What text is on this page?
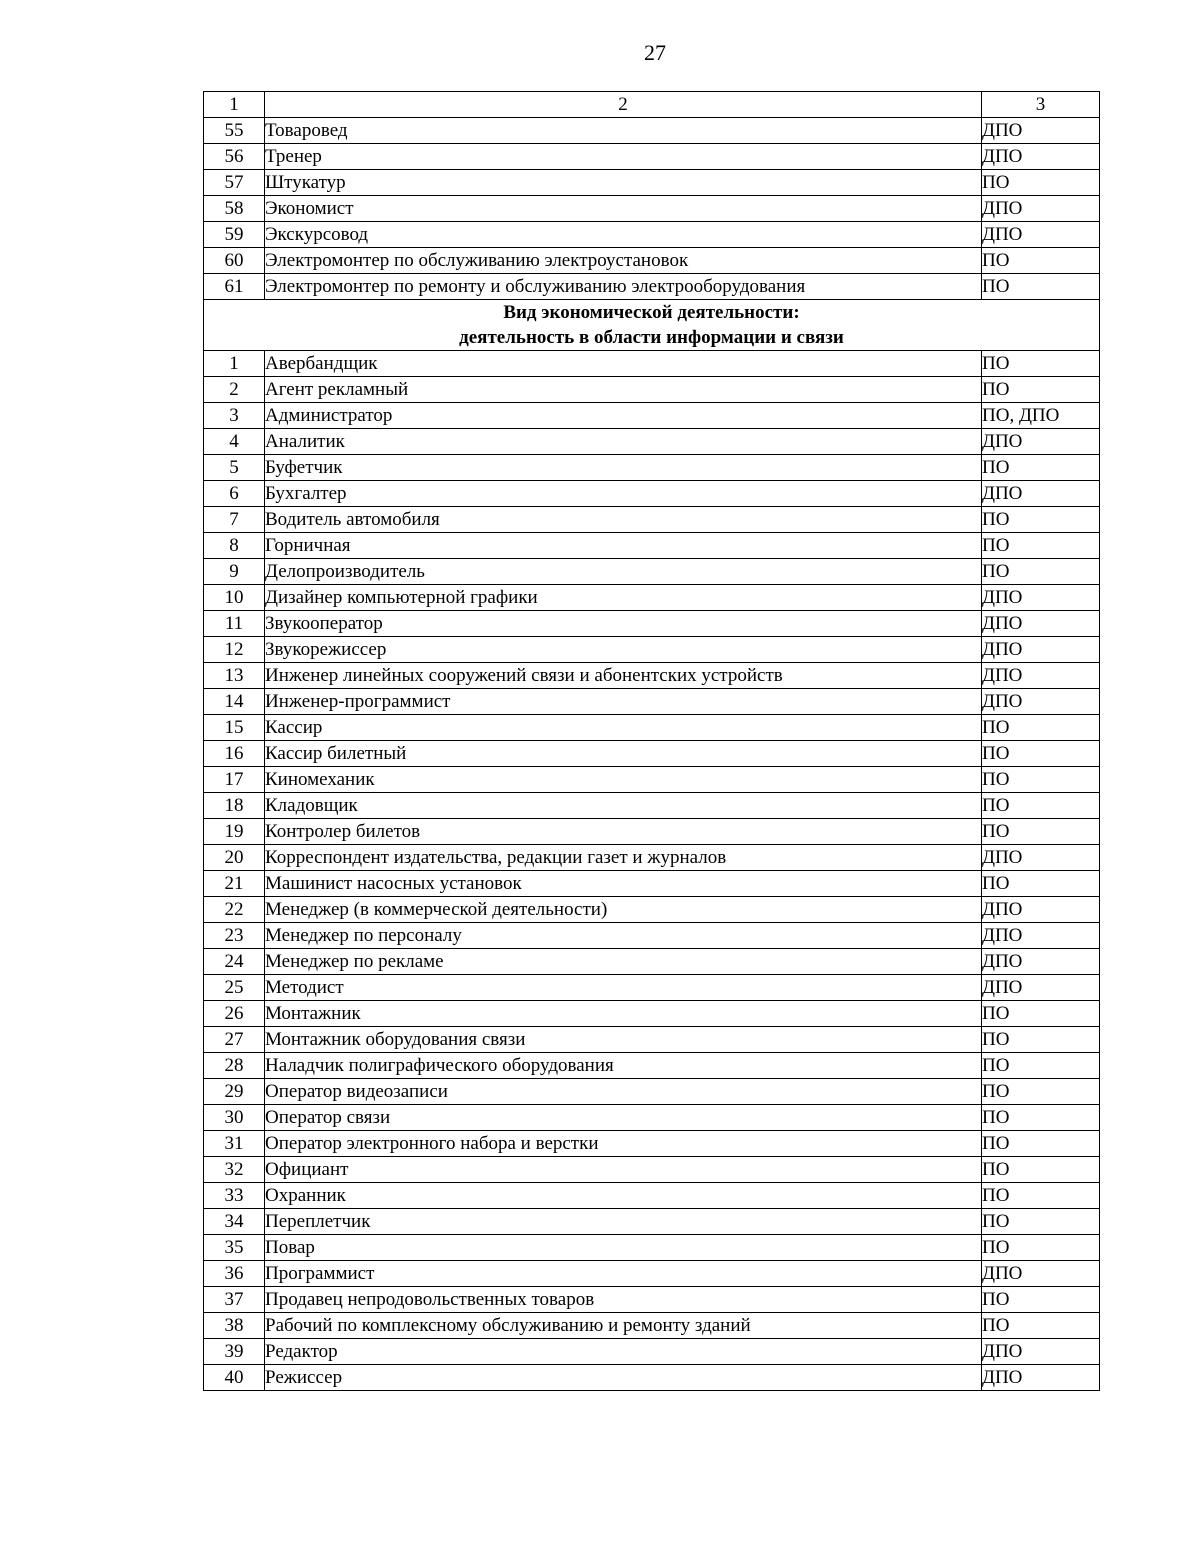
27
1	2	3
55	Товаровед	ДПО
56	Тренер	ДПО
57	Штукатур	ПО
58	Экономист	ДПО
59	Экскурсовод	ДПО
60	Электромонтер по обслуживанию электроустановок	ПО
61	Электромонтер по ремонту и обслуживанию электрооборудования	ПО

Вид экономической деятельности:
деятельность в области информации и связи		

1	Авербандщик	ПО
2	Агент рекламный	ПО
3	Администратор	ПО, ДПО
4	Аналитик	ДПО
5	Буфетчик	ПО
6	Бухгалтер	ДПО
7	Водитель автомобиля	ПО
8	Горничная	ПО
9	Делопроизводитель	ПО
10	Дизайнер компьютерной графики	ДПО
11	Звукооператор	ДПО
12	Звукорежиссер	ДПО
13	Инженер линейных сооружений связи и абонентских устройств	ДПО
14	Инженер-программист	ДПО
15	Кассир	ПО
16	Кассир билетный	ПО
17	Киномеханик	ПО
18	Кладовщик	ПО
19	Контролер билетов	ПО
20	Корреспондент издательства, редакции газет и журналов	ДПО
21	Машинист насосных установок	ПО
22	Менеджер (в коммерческой деятельности)	ДПО
23	Менеджер по персоналу	ДПО
24	Менеджер по рекламе	ДПО
25	Методист	ДПО
26	Монтажник	ПО
27	Монтажник оборудования связи	ПО
28	Наладчик полиграфического оборудования	ПО
29	Оператор видеозаписи	ПО
30	Оператор связи	ПО
31	Оператор электронного набора и верстки	ПО
32	Официант	ПО
33	Охранник	ПО
34	Переплетчик	ПО
35	Повар	ПО
36	Программист	ДПО
37	Продавец непродовольственных товаров	ПО
38	Рабочий по комплексному обслуживанию и ремонту зданий	ПО
39	Редактор	ДПО
40	Режиссер	ДПО
